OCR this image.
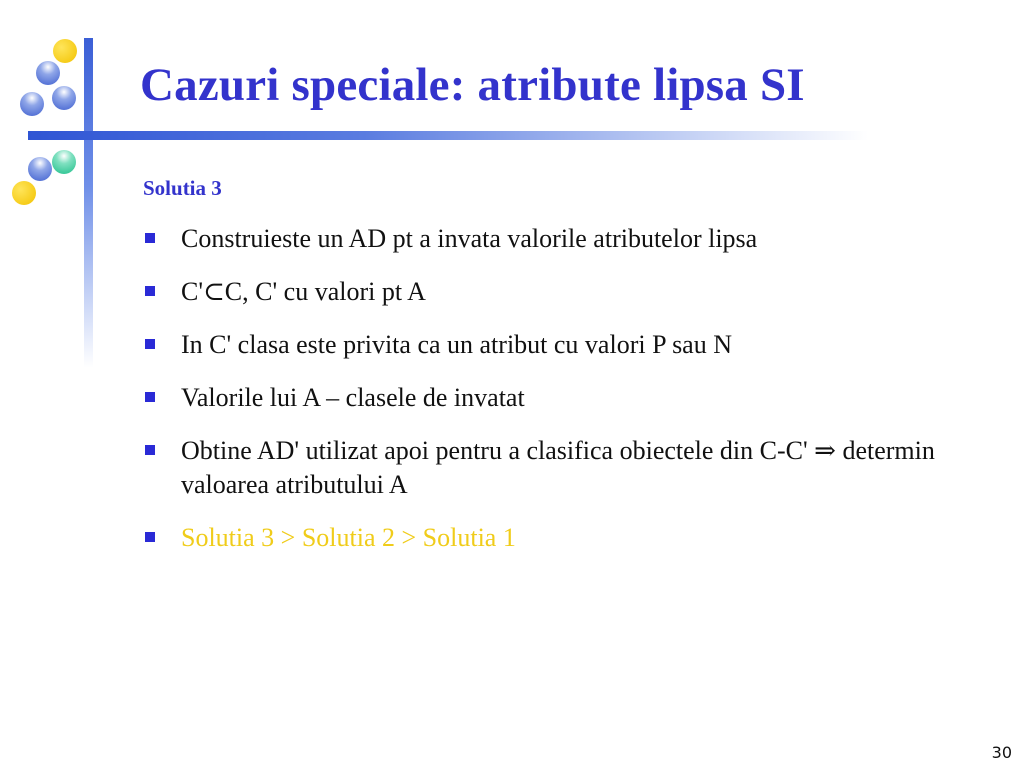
Cazuri speciale: atribute lipsa SI
Solutia 3
Construieste un AD pt a invata valorile atributelor lipsa
C'⊂C, C' cu valori pt A
In C' clasa este privita ca un atribut cu valori P sau N
Valorile lui A – clasele de invatat
Obtine AD' utilizat apoi pentru a clasifica obiectele din C-C' ⇒ determin valoarea atributului A
Solutia 3 > Solutia 2 > Solutia 1
30
